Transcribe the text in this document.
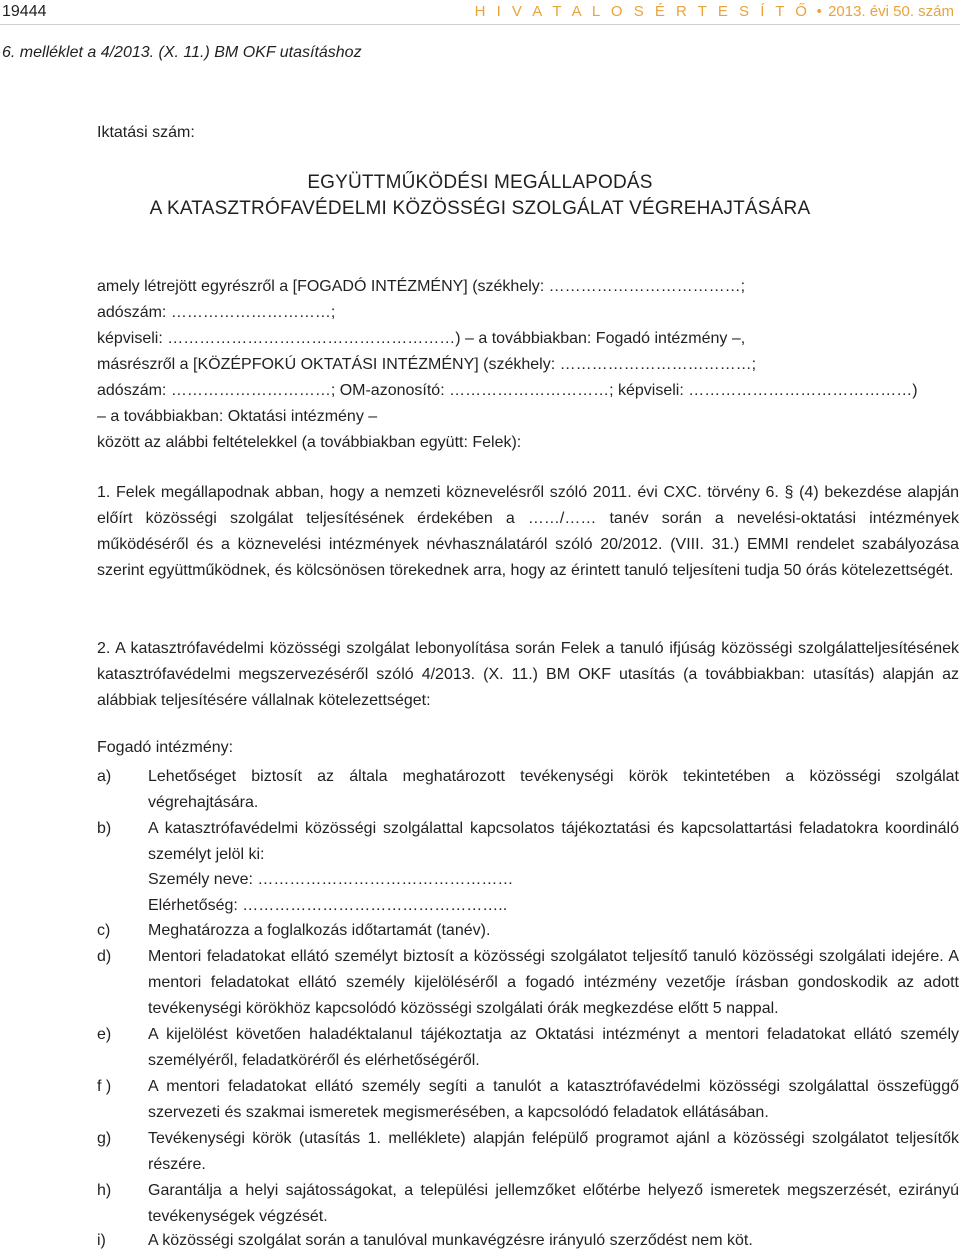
19444	H I V A T A L O S É R T E S Í T Ő • 2013. évi 50. szám
6. melléklet a 4/2013. (X. 11.) BM OKF utasításhoz
Iktatási szám:
EGYÜTTMŰKÖDÉSI MEGÁLLAPODÁS
A KATASZTRÓFAVÉDELMI KÖZÖSSÉGI SZOLGÁLAT VÉGREHAJTÁSÁRA
amely létrejött egyrészről a [FOGADÓ INTÉZMÉNY] (székhely: ………………………………;
adószám: …………………………;
képviseli: ………………………………………………) – a továbbiakban: Fogadó intézmény –,
másrészről a [KÖZÉPFOKÚ OKTATÁSI INTÉZMÉNY] (székhely: ………………………………;
adószám: …………………………; OM-azonosító: …………………………; képviseli: ……………………………………)
– a továbbiakban: Oktatási intézmény –
között az alábbi feltételekkel (a továbbiakban együtt: Felek):

1. Felek megállapodnak abban, hogy a nemzeti köznevelésről szóló 2011. évi CXC. törvény 6. § (4) bekezdése alapján előírt közösségi szolgálat teljesítésének érdekében a ……/…… tanév során a nevelési-oktatási intézmények működéséről és a köznevelési intézmények névhasználatáról szóló 20/2012. (VIII. 31.) EMMI rendelet szabályozása szerint együttműködnek, és kölcsönösen törekednek arra, hogy az érintett tanuló teljesíteni tudja 50 órás kötelezettségét.

2. A katasztrófavédelmi közösségi szolgálat lebonyolítása során Felek a tanuló ifjúság közösségi szolgálatteljesítésének katasztrófavédelmi megszervezéséről szóló 4/2013. (X. 11.) BM OKF utasítás (a továbbiakban: utasítás) alapján az alábbiak teljesítésére vállalnak kötelezettséget:

Fogadó intézmény:
a) Lehetőséget biztosít az általa meghatározott tevékenységi körök tekintetében a közösségi szolgálat végrehajtására.
b) A katasztrófavédelmi közösségi szolgálattal kapcsolatos tájékoztatási és kapcsolattartási feladatokra koordináló személyt jelöl ki:
Személy neve: …………………………………………
Elérhetőség: …………………………………………..
c) Meghatározza a foglalkozás időtartamát (tanév).
d) Mentori feladatokat ellátó személyt biztosít a közösségi szolgálatot teljesítő tanuló közösségi szolgálati idejére. A mentori feladatokat ellátó személy kijelöléséről a fogadó intézmény vezetője írásban gondoskodik az adott tevékenységi körökhöz kapcsolódó közösségi szolgálati órák megkezdése előtt 5 nappal.
e) A kijelölést követően haladéktalanul tájékoztatja az Oktatási intézményt a mentori feladatokat ellátó személy személyéről, feladatköréről és elérhetőségéről.
f ) A mentori feladatokat ellátó személy segíti a tanulót a katasztrófavédelmi közösségi szolgálattal összefüggő szervezeti és szakmai ismeretek megismerésében, a kapcsolódó feladatok ellátásában.
g) Tevékenységi körök (utasítás 1. melléklete) alapján felépülő programot ajánl a közösségi szolgálatot teljesítők részére.
h) Garantálja a helyi sajátosságokat, a települési jellemzőket előtérbe helyező ismeretek megszerzését, ezirányú tevékenységek végzését.
i)	A közösségi szolgálat során a tanulóval munkavégzésre irányuló szerződést nem köt.
